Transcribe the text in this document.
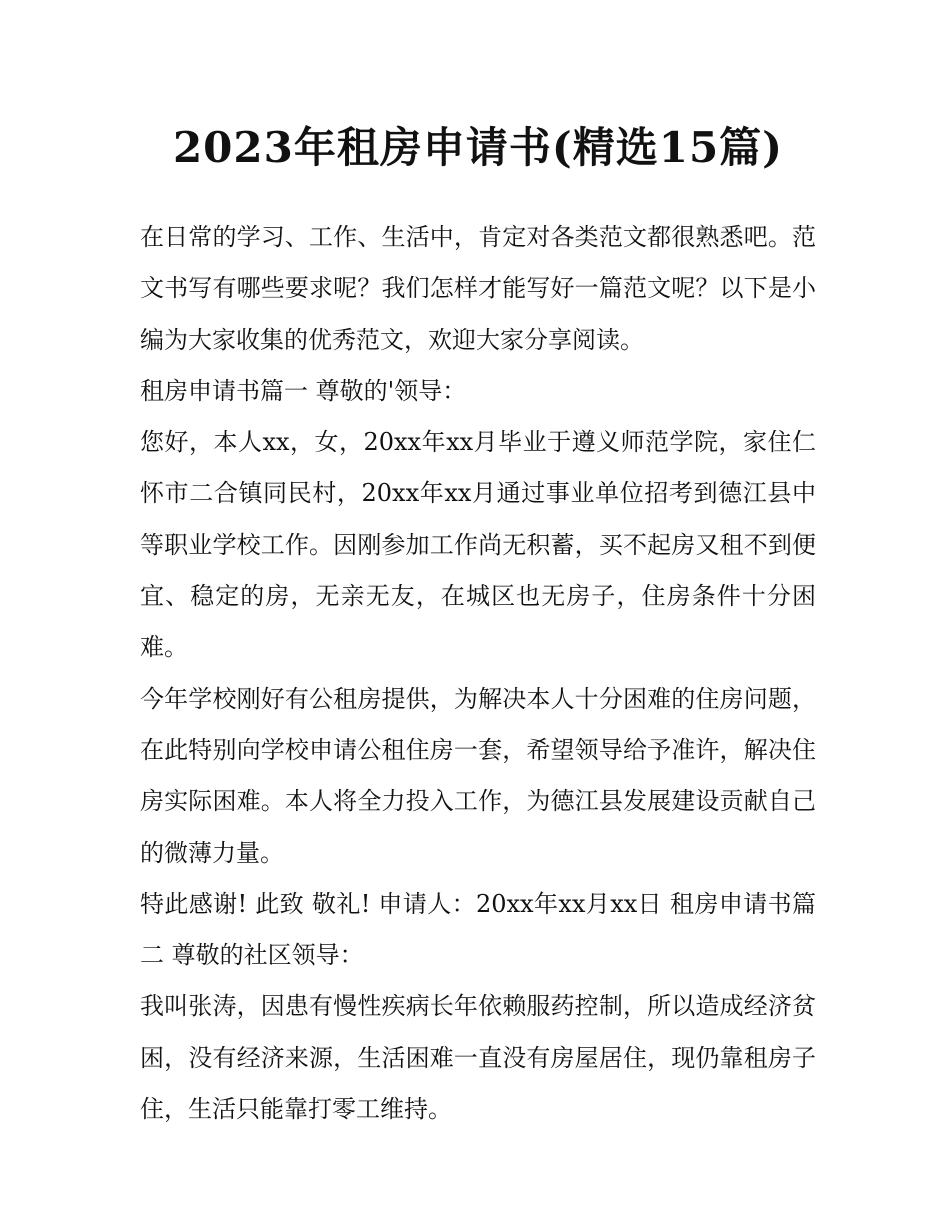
2023年租房申请书(精选15篇)

在日常的学习、工作、生活中，肯定对各类范文都很熟悉吧。范文书写有哪些要求呢？我们怎样才能写好一篇范文呢？以下是小编为大家收集的优秀范文，欢迎大家分享阅读。

租房申请书篇一 尊敬的'领导：

您好，本人xx，女，20xx年xx月毕业于遵义师范学院，家住仁怀市二合镇同民村，20xx年xx月通过事业单位招考到德江县中等职业学校工作。因刚参加工作尚无积蓄，买不起房又租不到便宜、稳定的房，无亲无友，在城区也无房子，住房条件十分困难。

今年学校刚好有公租房提供，为解决本人十分困难的住房问题，在此特别向学校申请公租住房一套，希望领导给予准许，解决住房实际困难。本人将全力投入工作，为德江县发展建设贡献自己的微薄力量。

特此感谢! 此致 敬礼! 申请人：20xx年xx月xx日 租房申请书篇二 尊敬的社区领导：

我叫张涛，因患有慢性疾病长年依赖服药控制，所以造成经济贫困，没有经济来源，生活困难一直没有房屋居住，现仍靠租房子住，生活只能靠打零工维持。
